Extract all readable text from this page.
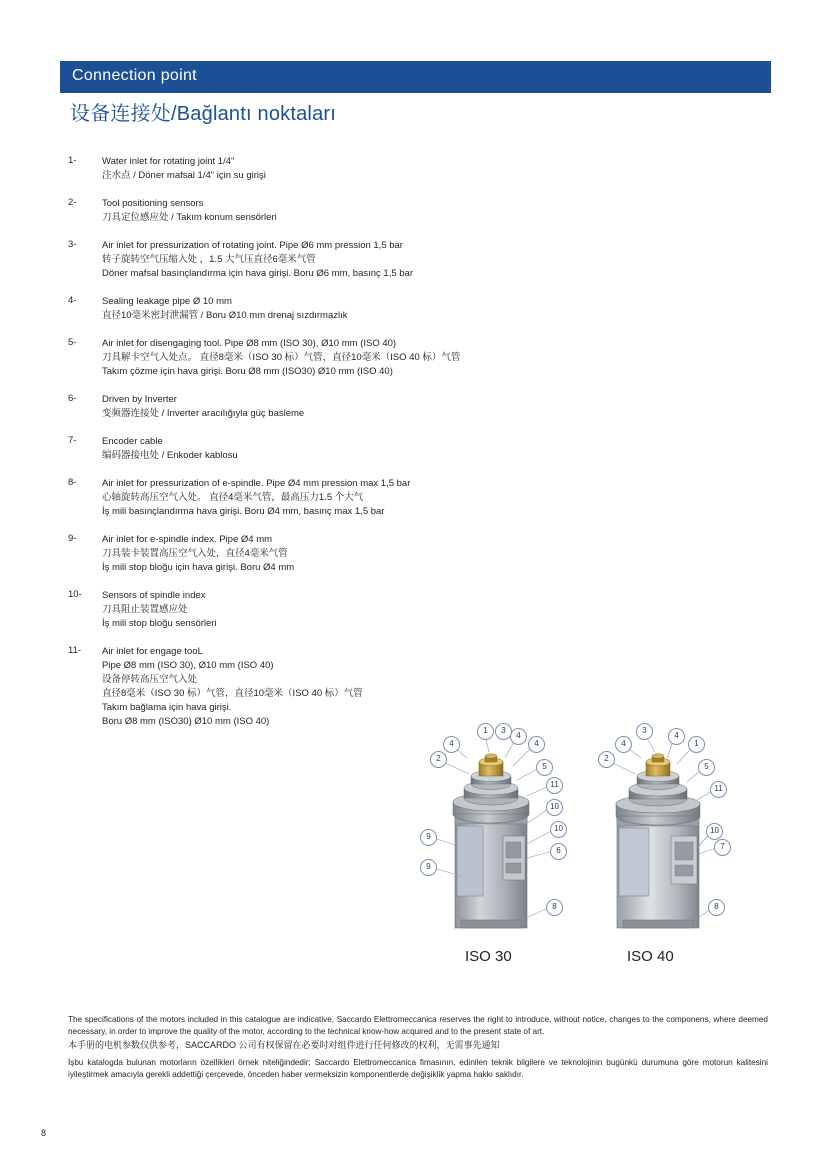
Connection point
设备连接处/Bağlantı noktaları
1-	Water inlet for rotating joint 1/4"
注水点 / Döner mafsal 1/4" için su girişi
2-	Tool positioning sensors
刀具定位感应处 / Takım konum sensörleri
3-	Air inlet for pressurization of rotating joint. Pipe Ø6 mm pression 1,5 bar
转子旋转空气压缩入处 ，1.5 大气压直径6毫米气管
Döner mafsal basınçlandırma için hava girişi. Boru Ø6 mm, basınç 1,5 bar
4-	Sealing leakage pipe Ø 10 mm
直径10毫米密封泄漏管 / Boru Ø10 mm drenaj sızdırmazlık
5-	Air inlet for disengaging tool. Pipe Ø8 mm (ISO 30), Ø10 mm (ISO 40)
刀具解卡空气入处点。 直径8毫米（ISO 30 标）气管，直径10毫米（ISO 40 标）气管
Takım çözme için hava girişi. Boru Ø8 mm (ISO30) Ø10 mm (ISO 40)
6-	Driven by Inverter
变频器连接处 / Inverter aracılığıyla güç basleme
7-	Encoder cable
编码器接电处 / Enkoder kablosu
8-	Air inlet for pressurization of e-spindle. Pipe Ø4 mm pression max 1,5 bar
心轴旋转高压空气入处。 直径4毫米气管，最高压力1.5 个大气
İş mili basınçlandırma hava girişi. Boru Ø4 mm, basınç max 1,5 bar
9-	Air inlet for e-spindle index. Pipe Ø4 mm
刀具装卡装置高压空气入处，直径4毫米气管
İş mili stop bloğu için hava girişi. Boru Ø4 mm
10-	Sensors of spindle index
刀具阻止装置感应处
İş mili stop bloğu sensörleri
11-	Air inlet for engage tooL
Pipe Ø8 mm (ISO 30), Ø10 mm (ISO 40)
设备停转高压空气入处
直径8毫米（ISO 30 标）气管，直径10毫米（ISO 40 标）气管
Takım bağlama için hava girişi.
Boru Ø8 mm (ISO30) Ø10 mm (ISO 40)
4
1
4
4
2
3
5
11
10
10
9
6
9
8
4
3
4
1
2
5
11
10
7
8
ISO 30	ISO 40

The specifications of the motors included in this catalogue are indicative, Saccardo Elettromeccanica reserves the right to introduce, without notice, changes to the componens, where deemed necessary, in order to improve the quality of the motor, according to the technical know-how acquired and to the present state of art.

本手册的电机参数仅供参考，SACCARDO 公司有权保留在必要时对组件进行任何修改的权利，无需事先通知

İşbu katalogda bulunan motorların özellikleri örnek niteliğindedir; Saccardo Elettromeccanica fimasının, edinilen teknik bilgilere ve teknolojinin bugünkü durumuna göre motorun kalitesini iyileştirmek amacıyla gerekli addettiği çerçevede, önceden haber vermeksizin komponentlerde değişiklik yapma hakkı saklıdır.

8
